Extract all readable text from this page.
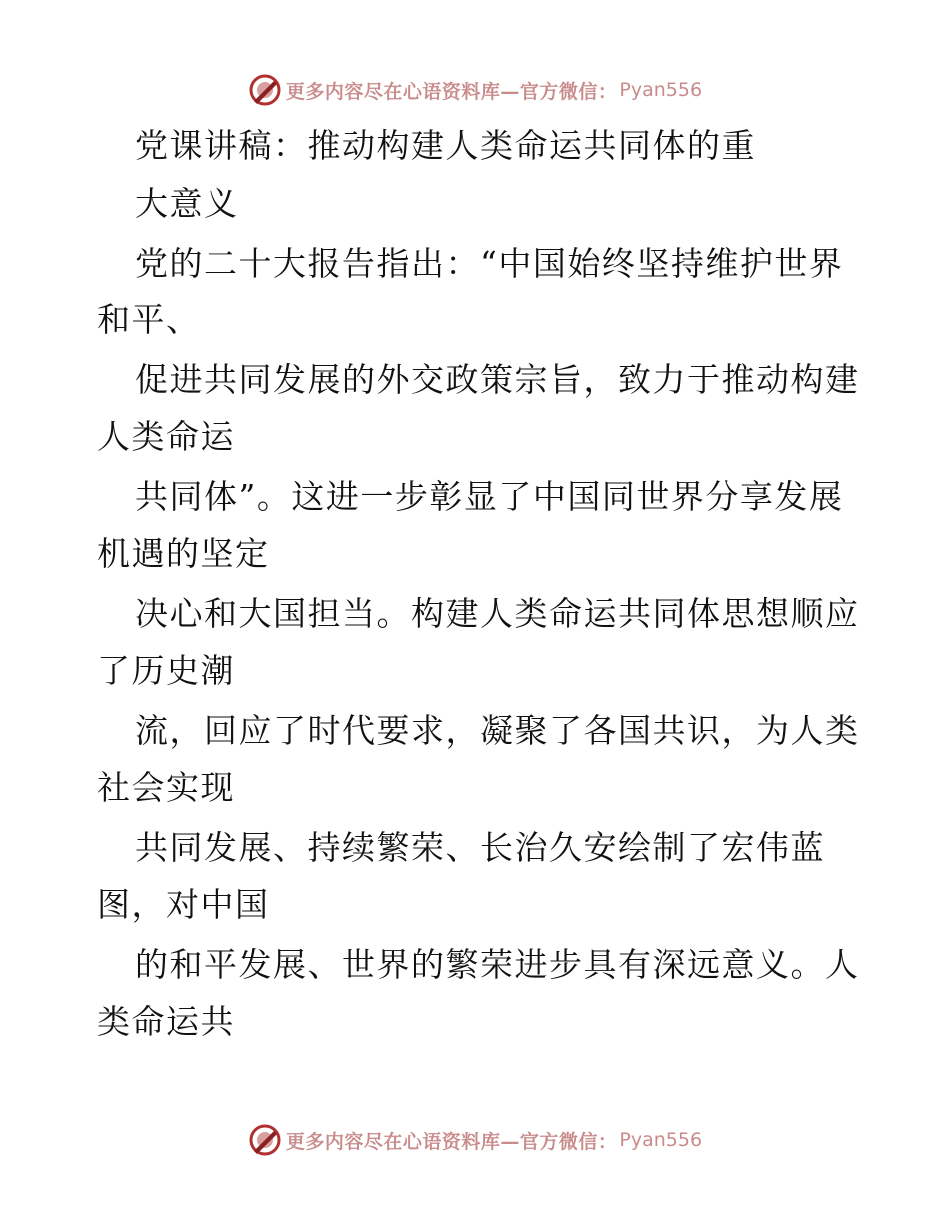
更多内容尽在心语资料库—官方微信： Pyan556
党课讲稿：推动构建人类命运共同体的重
大意义
党的二十大报告指出：“中国始终坚持维护世界
和平、
促进共同发展的外交政策宗旨，致力于推动构建
人类命运
共同体”。这进一步彰显了中国同世界分享发展
机遇的坚定
决心和大国担当。构建人类命运共同体思想顺应
了历史潮
流，回应了时代要求，凝聚了各国共识，为人类
社会实现
共同发展、持续繁荣、长治久安绘制了宏伟蓝
图，对中国
的和平发展、世界的繁荣进步具有深远意义。人
类命运共
更多内容尽在心语资料库—官方微信： Pyan556
